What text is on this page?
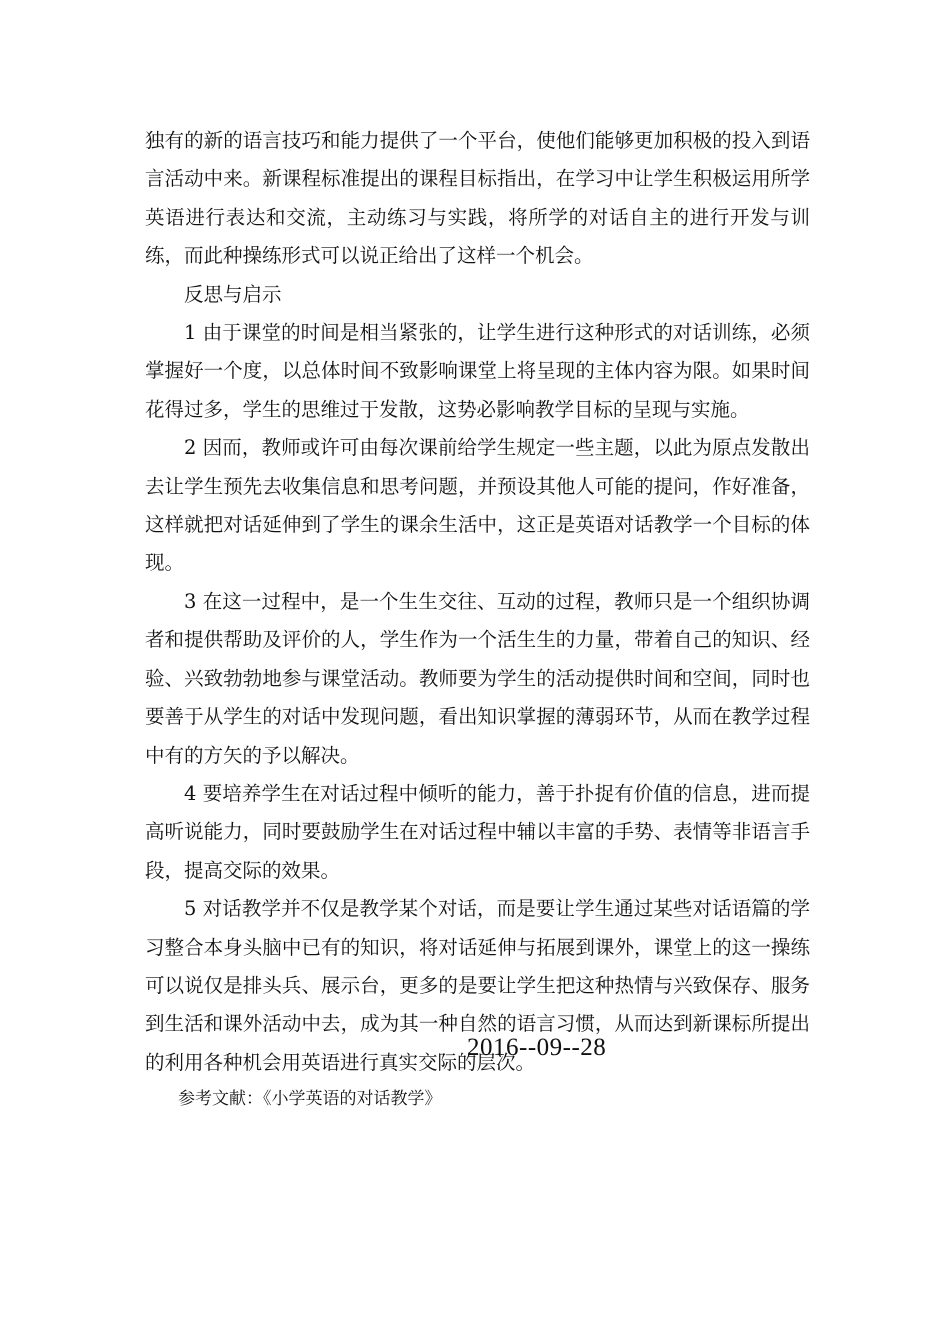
独有的新的语言技巧和能力提供了一个平台，使他们能够更加积极的投入到语言活动中来。新课程标准提出的课程目标指出，在学习中让学生积极运用所学英语进行表达和交流，主动练习与实践，将所学的对话自主的进行开发与训练，而此种操练形式可以说正给出了这样一个机会。

反思与启示

1 由于课堂的时间是相当紧张的，让学生进行这种形式的对话训练，必须掌握好一个度，以总体时间不致影响课堂上将呈现的主体内容为限。如果时间花得过多，学生的思维过于发散，这势必影响教学目标的呈现与实施。

2 因而，教师或许可由每次课前给学生规定一些主题，以此为原点发散出去让学生预先去收集信息和思考问题，并预设其他人可能的提问，作好准备，这样就把对话延伸到了学生的课余生活中，这正是英语对话教学一个目标的体现。

3 在这一过程中，是一个生生交往、互动的过程，教师只是一个组织协调者和提供帮助及评价的人，学生作为一个活生生的力量，带着自己的知识、经验、兴致勃勃地参与课堂活动。教师要为学生的活动提供时间和空间，同时也要善于从学生的对话中发现问题，看出知识掌握的薄弱环节，从而在教学过程中有的方矢的予以解决。

4 要培养学生在对话过程中倾听的能力，善于扑捉有价值的信息，进而提高听说能力，同时要鼓励学生在对话过程中辅以丰富的手势、表情等非语言手段，提高交际的效果。

5 对话教学并不仅是教学某个对话，而是要让学生通过某些对话语篇的学习整合本身头脑中已有的知识，将对话延伸与拓展到课外，课堂上的这一操练可以说仅是排头兵、展示台，更多的是要让学生把这种热情与兴致保存、服务到生活和课外活动中去，成为其一种自然的语言习惯，从而达到新课标所提出的利用各种机会用英语进行真实交际的层次。

参考文献：《小学英语的对话教学》

2016--09--28
